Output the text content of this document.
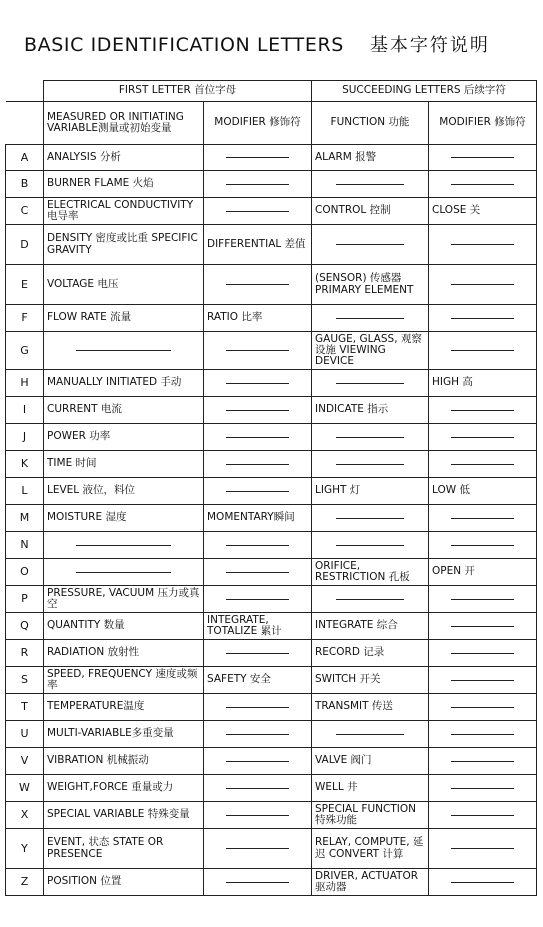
BASIC IDENTIFICATION LETTERS 基本字符说明
	FIRST LETTER 首位字母		SUCCEEDING LETTERS 后续字符	
	MEASURED OR INITIATING VARIABLE测量或初始变量	MODIFIER 修饰符	FUNCTION 功能	MODIFIER 修饰符
A	ANALYSIS 分析		ALARM 报警	

B	BURNER FLAME 火焰	

C	ELECTRICAL CONDUCTIVITY 电导率		CONTROL 控制	CLOSE 关
D	DENSITY 密度或比重 SPECIFIC GRAVITY	DIFFERENTIAL 差值	

E	VOLTAGE 电压		(SENSOR) 传感器 PRIMARY ELEMENT	

F	FLOW RATE 流量	RATIO 比率	

G			GAUGE, GLASS, 观察设施 VIEWING DEVICE	

H	MANUALLY INITIATED 手动			HIGH 高
I	CURRENT 电流		INDICATE 指示	

J	POWER 功率	

K	TIME 时间	

L	LEVEL 液位，料位		LIGHT 灯	LOW 低
M	MOISTURE 湿度	MOMENTARY瞬间	

N	

O			ORIFICE, RESTRICTION 孔板	OPEN 开
P	PRESSURE, VACUUM 压力或真空	

Q	QUANTITY 数量	INTEGRATE, TOTALIZE 累计	INTEGRATE 综合	

R	RADIATION 放射性		RECORD 记录	

S	SPEED, FREQUENCY 速度或频率	SAFETY 安全	SWITCH 开关	

T	TEMPERATURE温度		TRANSMIT 传送	

U	MULTI-VARIABLE多重变量	

V	VIBRATION 机械振动		VALVE 阀门	

W	WEIGHT,FORCE 重量或力		WELL 井	

X	SPECIAL VARIABLE 特殊变量		SPECIAL FUNCTION特殊功能	

Y	EVENT, 状态 STATE OR PRESENCE		RELAY, COMPUTE, 延迟 CONVERT 计算	

Z	POSITION 位置		DRIVER, ACTUATOR 驱动器	
